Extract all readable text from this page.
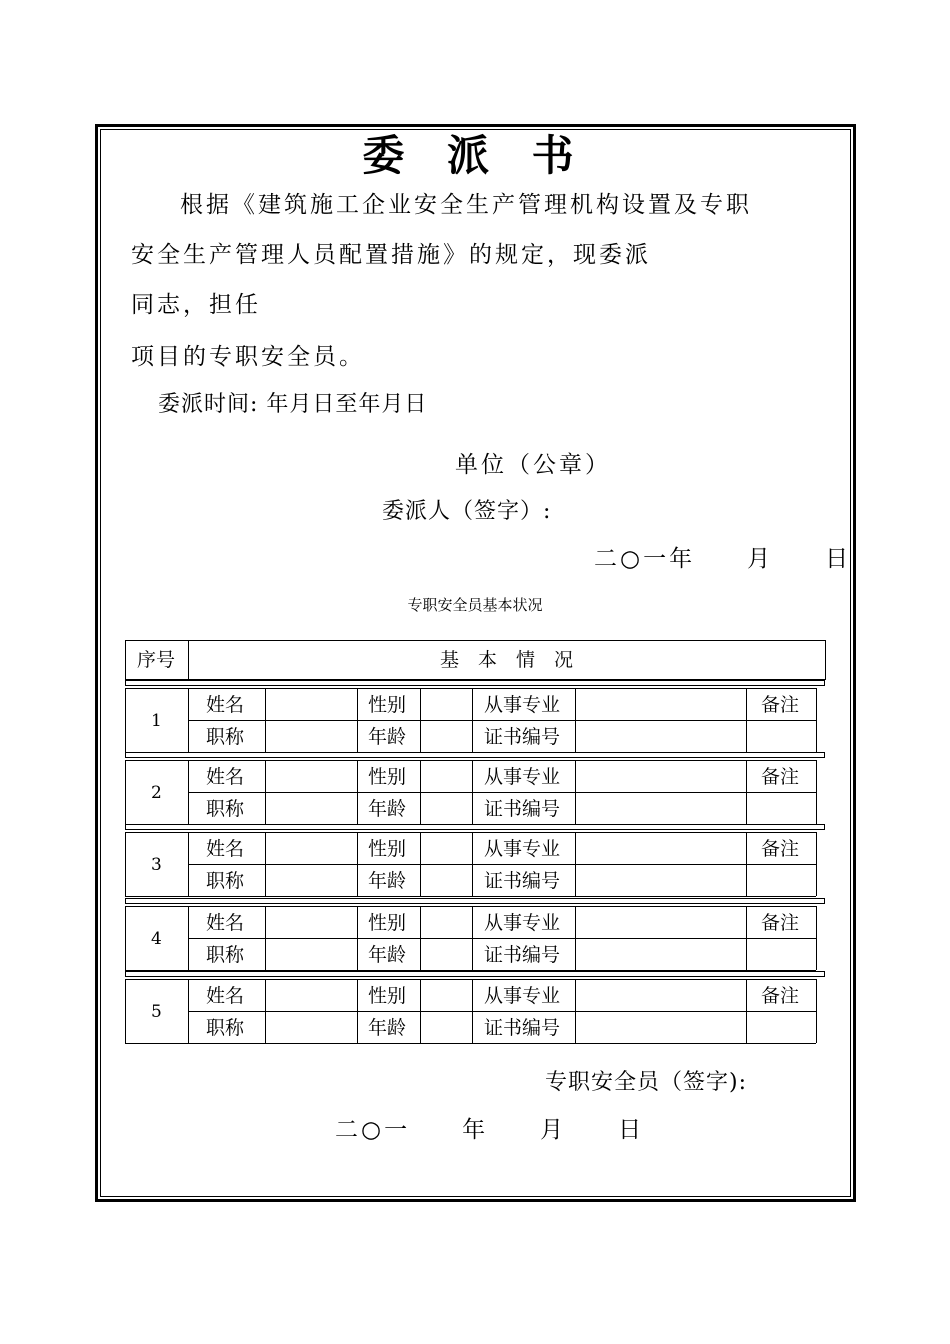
委 派 书
根据《建筑施工企业安全生产管理机构设置及专职
安全生产管理人员配置措施》的规定，现委派
同志，担任
项目的专职安全员。
委派时间: 年月日至年月日
单位（公章）
委派人（签字）:
二○一年　　月　　日
专职安全员基本状况
序号	基　本　情　况
1
姓名	性别	从事专业	备注
职称	年龄	证书编号
2
姓名	性别	从事专业	备注
职称	年龄	证书编号
3
姓名	性别	从事专业	备注
职称	年龄	证书编号
4
姓名	性别	从事专业	备注
职称	年龄	证书编号
5
姓名	性别	从事专业	备注
职称	年龄	证书编号
专职安全员（签字):
二○一　　年　　月　　日
